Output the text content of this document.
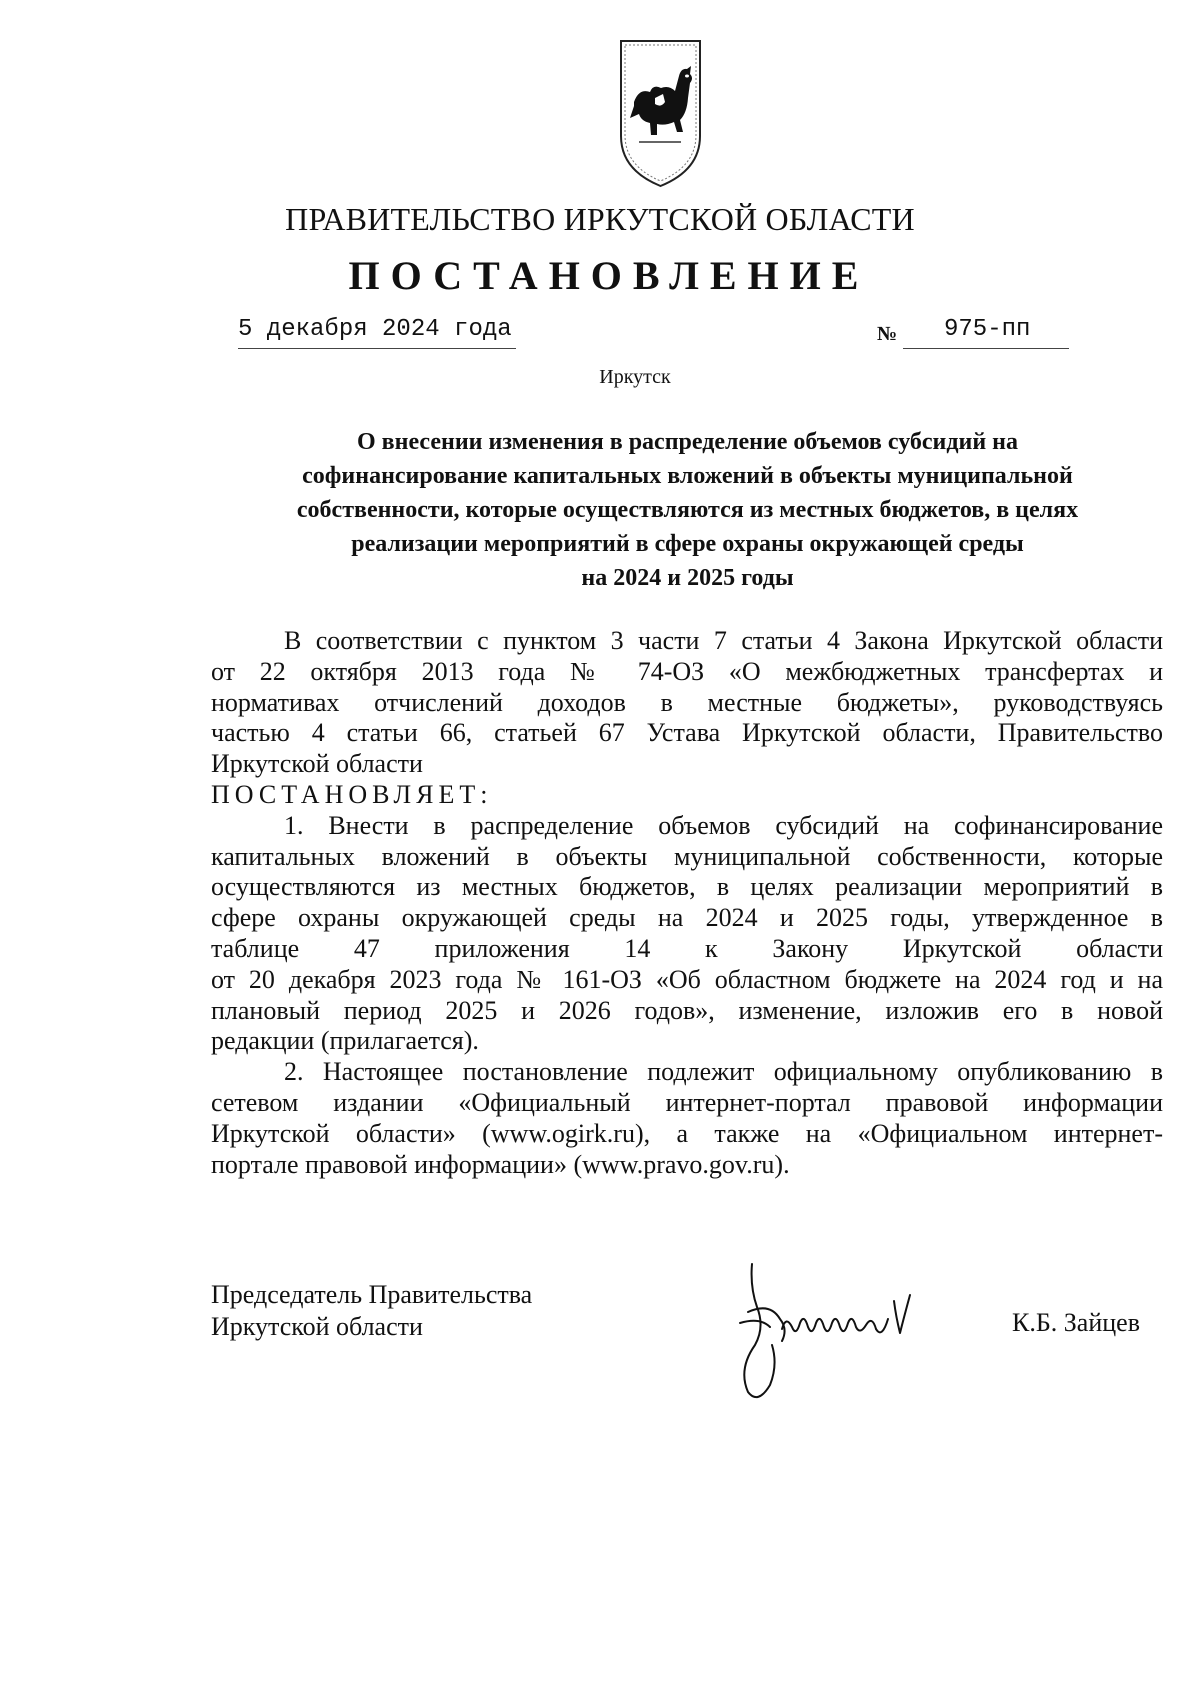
ПРАВИТЕЛЬСТВО ИРКУТСКОЙ ОБЛАСТИ
ПОСТАНОВЛЕНИЕ
5 декабря 2024 года	№ 975-пп
Иркутск
О внесении изменения в распределение объемов субсидий на
софинансирование капитальных вложений в объекты муниципальной
собственности, которые осуществляются из местных бюджетов, в целях
реализации мероприятий в сфере охраны окружающей среды
на 2024 и 2025 годы
В соответствии с пунктом 3 части 7 статьи 4 Закона Иркутской области
от 22 октября 2013 года № 74-ОЗ «О межбюджетных трансфертах и
нормативах отчислений доходов в местные бюджеты», руководствуясь
частью 4 статьи 66, статьей 67 Устава Иркутской области, Правительство
Иркутской области
ПОСТАНОВЛЯЕТ:
1. Внести в распределение объемов субсидий на софинансирование
капитальных вложений в объекты муниципальной собственности, которые
осуществляются из местных бюджетов, в целях реализации мероприятий в
сфере охраны окружающей среды на 2024 и 2025 годы, утвержденное в
таблице 47 приложения 14 к Закону Иркутской области
от 20 декабря 2023 года № 161-ОЗ «Об областном бюджете на 2024 год и на
плановый период 2025 и 2026 годов», изменение, изложив его в новой
редакции (прилагается).
2. Настоящее постановление подлежит официальному опубликованию в
сетевом издании «Официальный интернет-портал правовой информации
Иркутской области» (www.ogirk.ru), а также на «Официальном интернет-
портале правовой информации» (www.pravo.gov.ru).
Председатель Правительства
Иркутской области	К.Б. Зайцев
